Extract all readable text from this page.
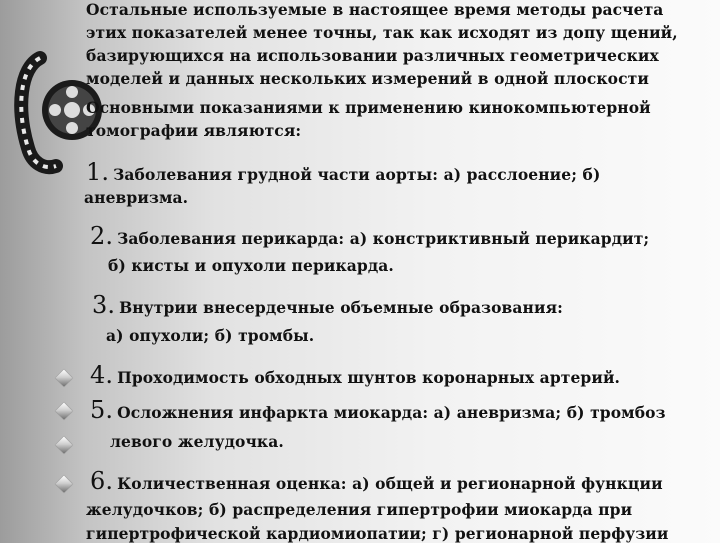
Остальные используемые в настоящее время методы расчета
этих показателей менее точны, так как исходят из допу щений,
базирующихся на использовании различных геометрических
моделей и данных нескольких измерений в одной плоскости
Основными показаниями к применению кинокомпьютерной
томографии являются:
1. Заболевания грудной части аорты: а) расслоение; б)
аневризма.
2. Заболевания перикарда: а) констриктивный перикардит;
б) кисты и опухоли перикарда.
3. Внутрии внесердечные объемные образования:
а) опухоли; б) тромбы.
4. Проходимость обходных шунтов коронарных артерий.
5. Осложнения инфаркта миокарда: а) аневризма; б) тромбоз
левого желудочка.
6. Количественная оценка: а) общей и регионарной функции
желудочков; б) распределения гипертрофии миокарда при
гипертрофической кардиомиопатии; г) регионарной перфузии
